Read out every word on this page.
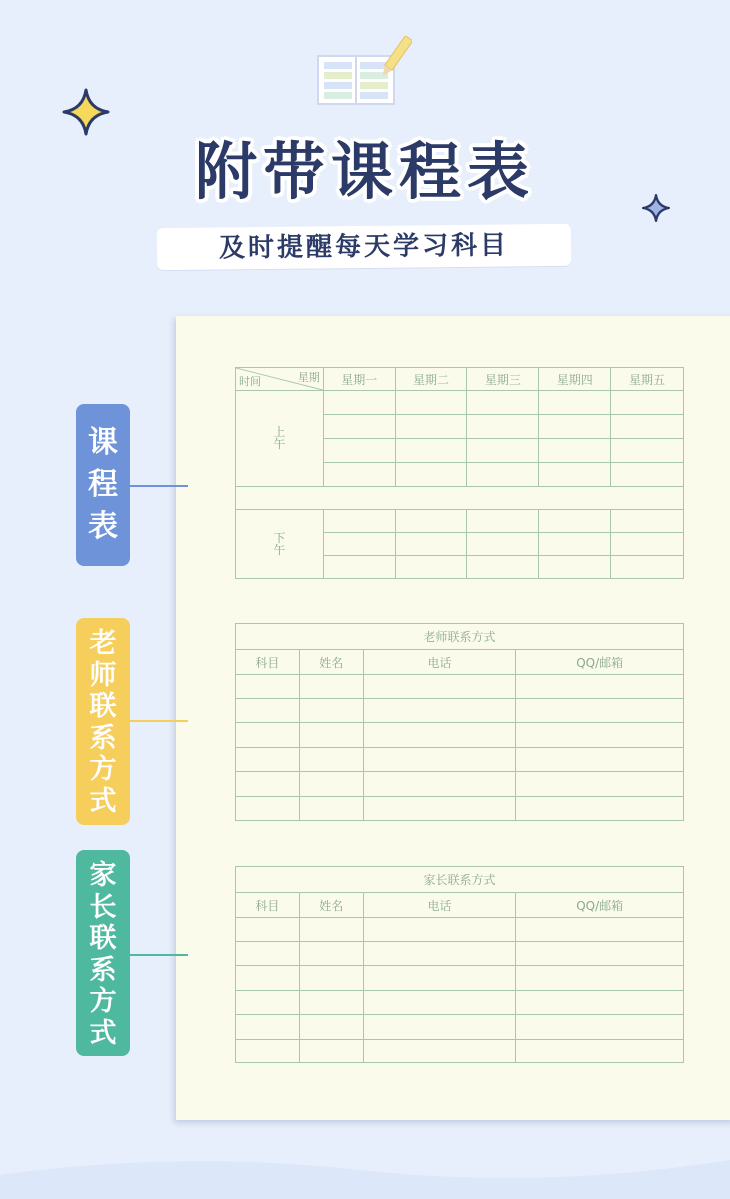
附带课程表
及时提醒每天学习科目
星期
时间	星期一	星期二	星期三	星期四	星期五
上午					

下午					

老师联系方式			
科目	姓名	电话	QQ/邮箱

家长联系方式			
科目	姓名	电话	QQ/邮箱

课程表
老师联系方式
家长联系方式
